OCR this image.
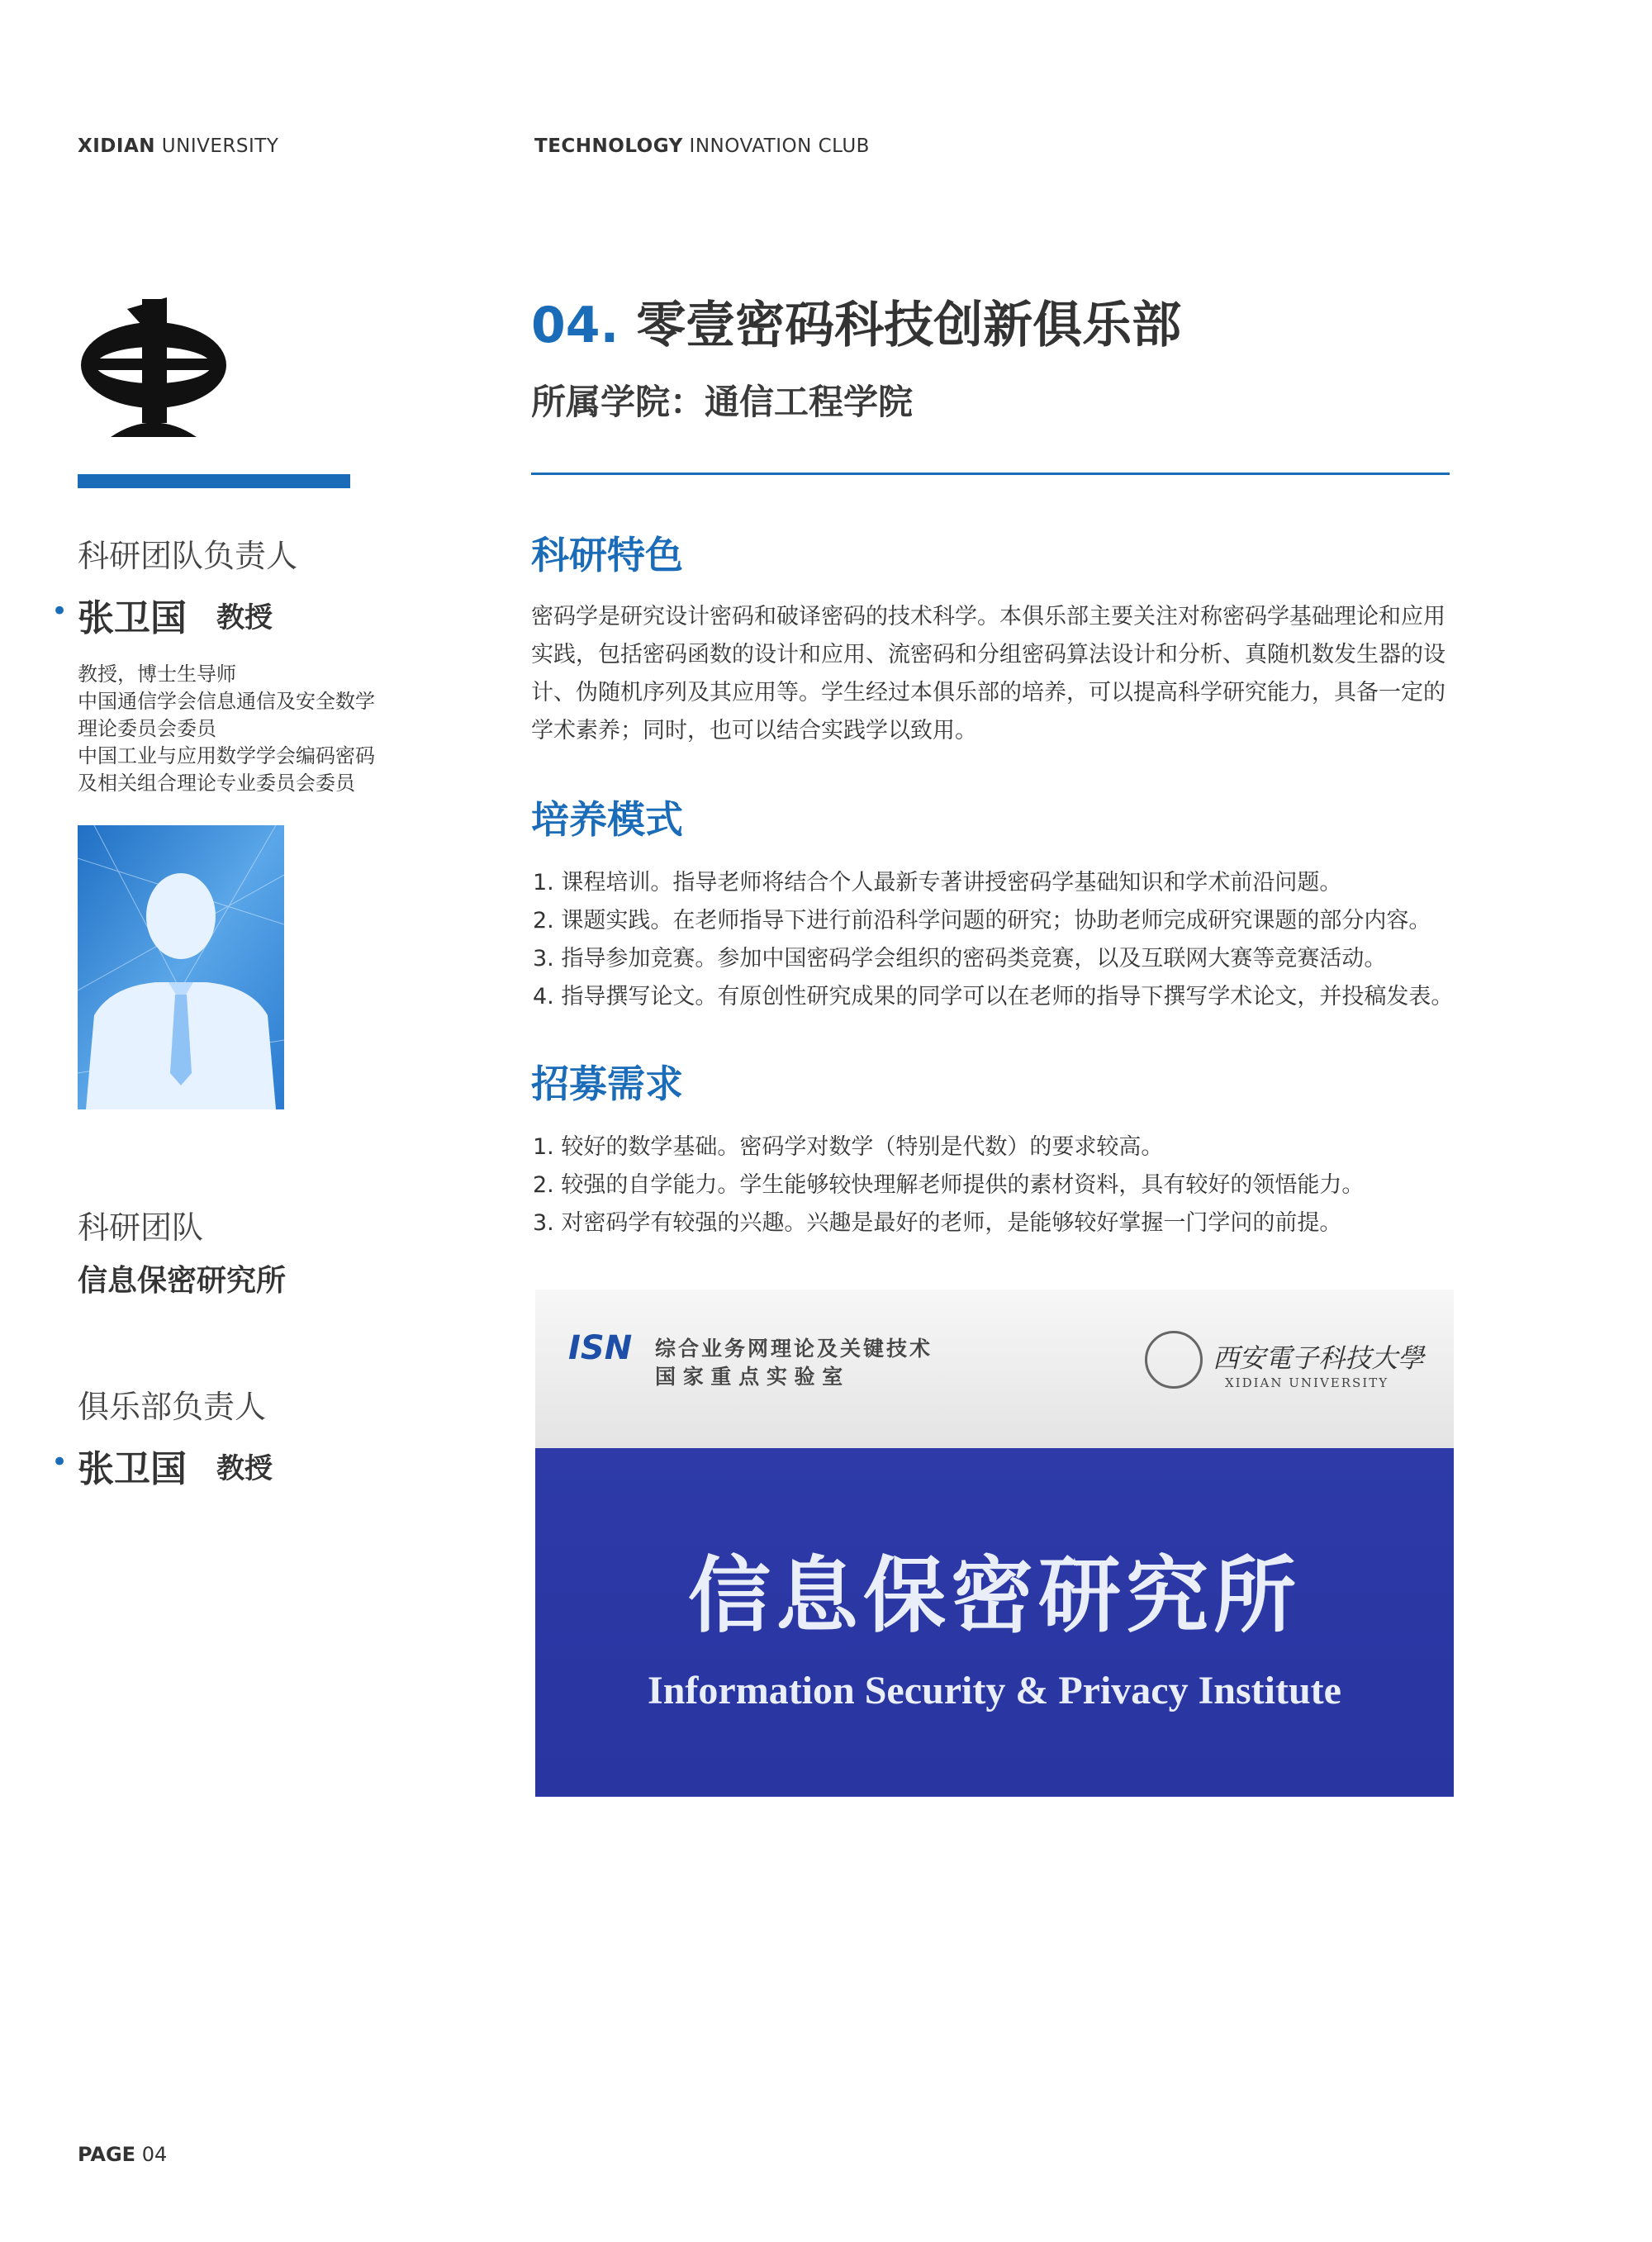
XIDIAN UNIVERSITY	TECHNOLOGY INNOVATION CLUB
科研团队负责人
• 张卫国 教授
教授，博士生导师
中国通信学会信息通信及安全数学
理论委员会委员
中国工业与应用数学学会编码密码
及相关组合理论专业委员会委员
科研团队
信息保密研究所
俱乐部负责人
• 张卫国 教授
04. 零壹密码科技创新俱乐部
所属学院：通信工程学院
科研特色
密码学是研究设计密码和破译密码的技术科学。本俱乐部主要关注对称密码学基础理论和应用
实践，包括密码函数的设计和应用、流密码和分组密码算法设计和分析、真随机数发生器的设
计、伪随机序列及其应用等。学生经过本俱乐部的培养，可以提高科学研究能力，具备一定的
学术素养；同时，也可以结合实践学以致用。
培养模式
1. 课程培训。指导老师将结合个人最新专著讲授密码学基础知识和学术前沿问题。
2. 课题实践。在老师指导下进行前沿科学问题的研究；协助老师完成研究课题的部分内容。
3. 指导参加竞赛。参加中国密码学会组织的密码类竞赛，以及互联网大赛等竞赛活动。
4. 指导撰写论文。有原创性研究成果的同学可以在老师的指导下撰写学术论文，并投稿发表。
招募需求
1. 较好的数学基础。密码学对数学（特别是代数）的要求较高。
2. 较强的自学能力。学生能够较快理解老师提供的素材资料，具有较好的领悟能力。
3. 对密码学有较强的兴趣。兴趣是最好的老师，是能够较好掌握一门学问的前提。
ISN 综合业务网理论及关键技术
国 家 重 点 实 验 室
西安電子科技大學
XIDIAN UNIVERSITY
信息保密研究所
Information Security & Privacy Institute
PAGE 04
